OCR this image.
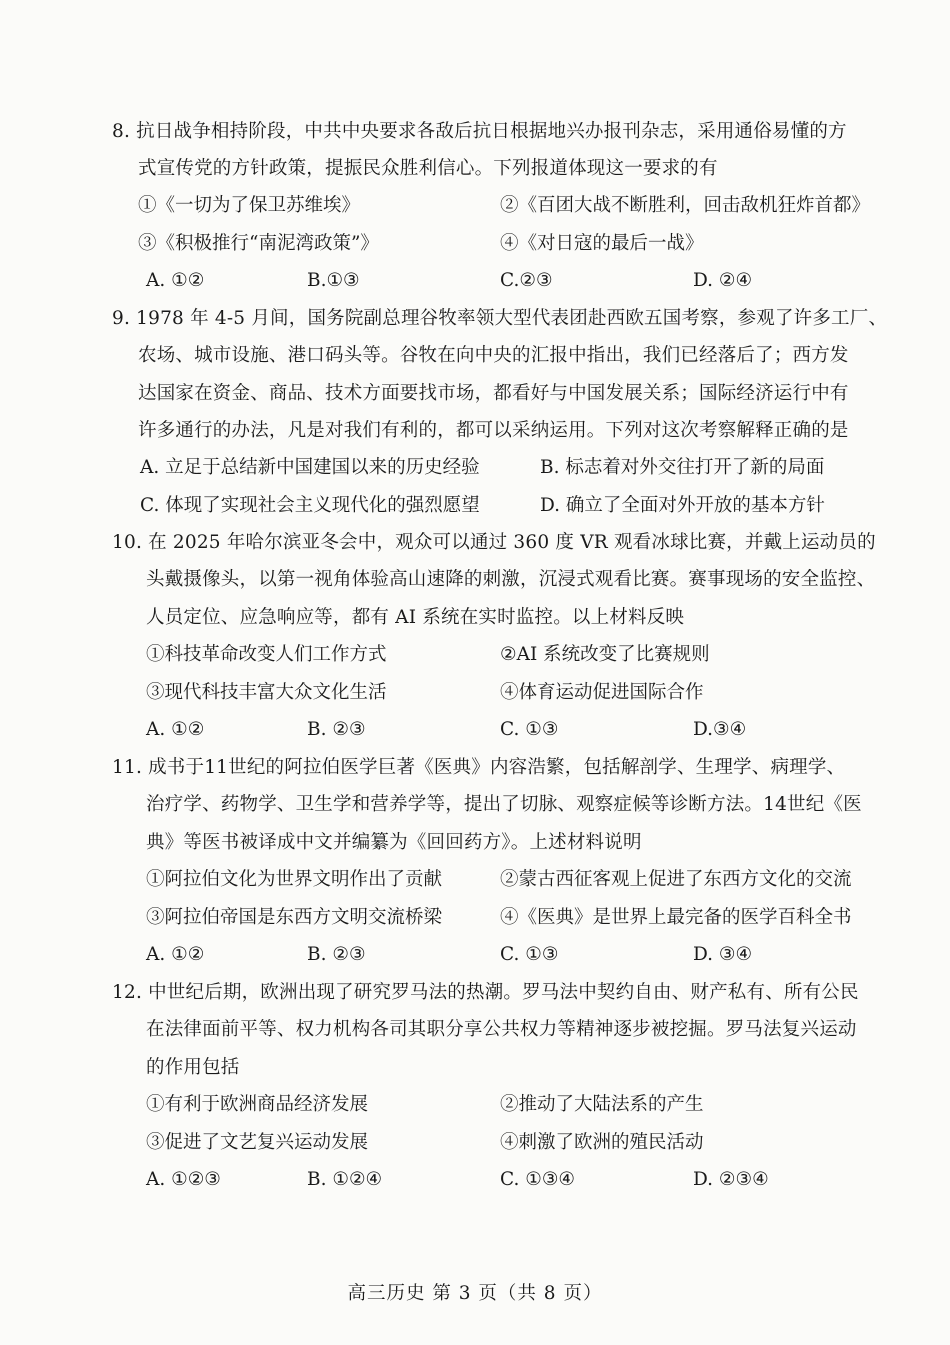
8. 抗日战争相持阶段，中共中央要求各敌后抗日根据地兴办报刊杂志，采用通俗易懂的方
式宣传党的方针政策，提振民众胜利信心。下列报道体现这一要求的有
①《一切为了保卫苏维埃》	②《百团大战不断胜利，回击敌机狂炸首都》
③《积极推行“南泥湾政策”》	④《对日寇的最后一战》
A. ①②	B.①③	C.②③	D. ②④
9. 1978 年 4-5 月间，国务院副总理谷牧率领大型代表团赴西欧五国考察，参观了许多工厂、
农场、城市设施、港口码头等。谷牧在向中央的汇报中指出，我们已经落后了；西方发
达国家在资金、商品、技术方面要找市场，都看好与中国发展关系；国际经济运行中有
许多通行的办法，凡是对我们有利的，都可以采纳运用。下列对这次考察解释正确的是
A. 立足于总结新中国建国以来的历史经验	B. 标志着对外交往打开了新的局面
C. 体现了实现社会主义现代化的强烈愿望	D. 确立了全面对外开放的基本方针
10. 在 2025 年哈尔滨亚冬会中，观众可以通过 360 度 VR 观看冰球比赛，并戴上运动员的
头戴摄像头，以第一视角体验高山速降的刺激，沉浸式观看比赛。赛事现场的安全监控、
人员定位、应急响应等，都有 AI 系统在实时监控。以上材料反映
①科技革命改变人们工作方式	②AI 系统改变了比赛规则
③现代科技丰富大众文化生活	④体育运动促进国际合作
A. ①②	B. ②③	C. ①③	D.③④
11. 成书于11世纪的阿拉伯医学巨著《医典》内容浩繁，包括解剖学、生理学、病理学、
治疗学、药物学、卫生学和营养学等，提出了切脉、观察症候等诊断方法。14世纪《医
典》等医书被译成中文并编纂为《回回药方》。上述材料说明
①阿拉伯文化为世界文明作出了贡献	②蒙古西征客观上促进了东西方文化的交流
③阿拉伯帝国是东西方文明交流桥梁	④《医典》是世界上最完备的医学百科全书
A. ①②	B. ②③	C. ①③	D. ③④
12. 中世纪后期，欧洲出现了研究罗马法的热潮。罗马法中契约自由、财产私有、所有公民
在法律面前平等、权力机构各司其职分享公共权力等精神逐步被挖掘。罗马法复兴运动
的作用包括
①有利于欧洲商品经济发展	②推动了大陆法系的产生
③促进了文艺复兴运动发展	④刺激了欧洲的殖民活动
A. ①②③	B. ①②④	C. ①③④	D. ②③④
高三历史 第 3 页（共 8 页）
